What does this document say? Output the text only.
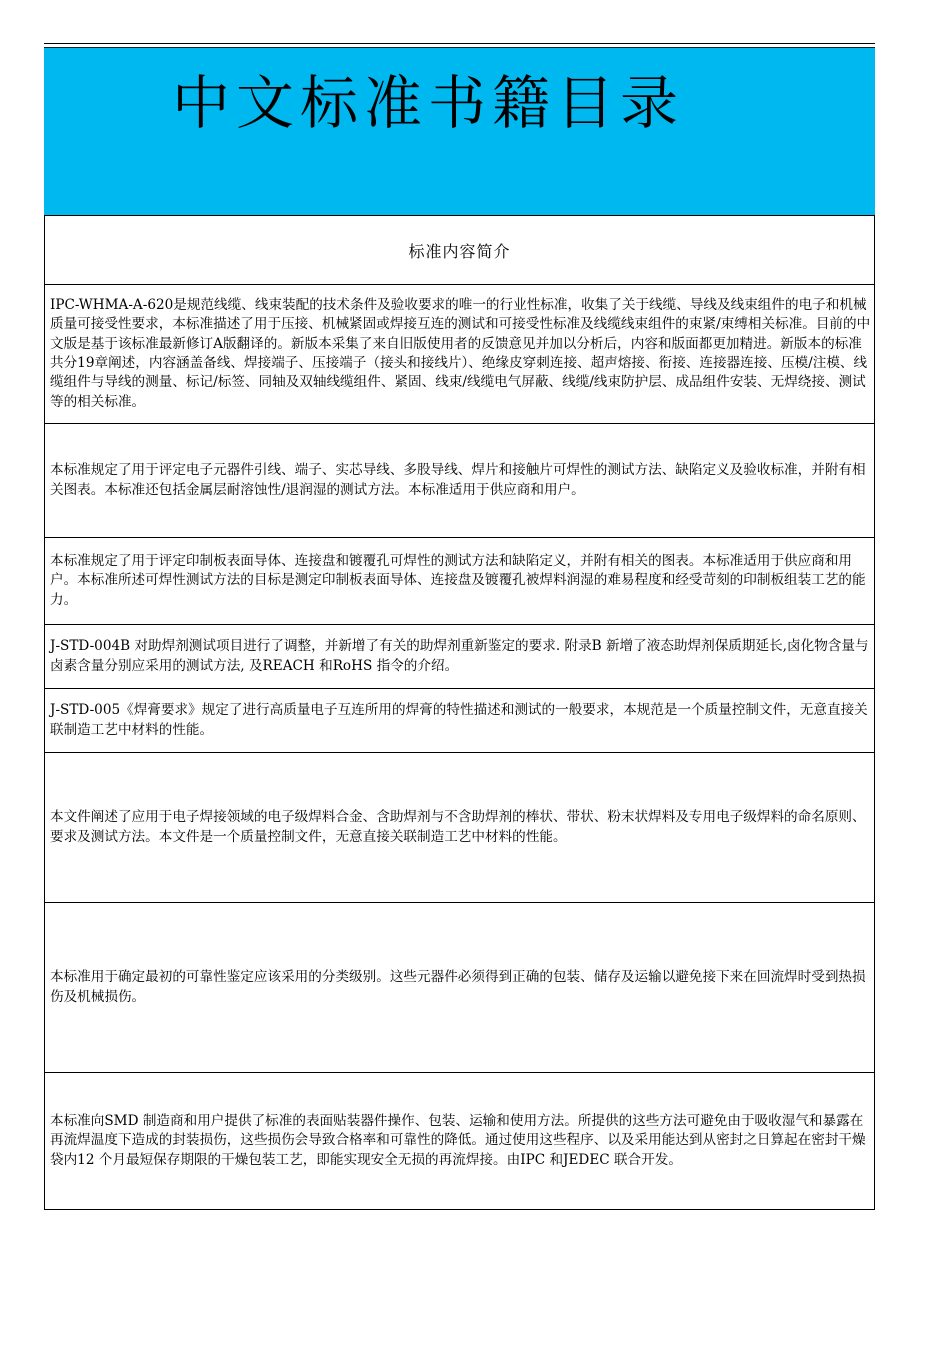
中文标准书籍目录
标准内容简介
IPC-WHMA-A-620是规范线缆、线束装配的技术条件及验收要求的唯一的行业性标准，收集了关于线缆、导线及线束组件的电子和机械质量可接受性要求，本标准描述了用于压接、机械紧固或焊接互连的测试和可接受性标准及线缆线束组件的束紧/束缚相关标准。目前的中文版是基于该标准最新修订A版翻译的。新版本采集了来自旧版使用者的反馈意见并加以分析后，内容和版面都更加精进。新版本的标准共分19章阐述，内容涵盖备线、焊接端子、压接端子（接头和接线片）、绝缘皮穿刺连接、超声熔接、衔接、连接器连接、压模/注模、线缆组件与导线的测量、标记/标签、同轴及双轴线缆组件、紧固、线束/线缆电气屏蔽、线缆/线束防护层、成品组件安装、无焊绕接、测试等的相关标准。
本标准规定了用于评定电子元器件引线、端子、实芯导线、多股导线、焊片和接触片可焊性的测试方法、缺陷定义及验收标准，并附有相关图表。本标准还包括金属层耐溶蚀性/退润湿的测试方法。本标准适用于供应商和用户。
本标准规定了用于评定印制板表面导体、连接盘和镀覆孔可焊性的测试方法和缺陷定义，并附有相关的图表。本标准适用于供应商和用户。本标准所述可焊性测试方法的目标是测定印制板表面导体、连接盘及镀覆孔被焊料润湿的难易程度和经受苛刻的印制板组装工艺的能力。
J-STD-004B 对助焊剂测试项目进行了调整，并新增了有关的助焊剂重新鉴定的要求. 附录B 新增了液态助焊剂保质期延长,卤化物含量与卤素含量分别应采用的测试方法, 及REACH 和RoHS 指令的介绍。
J-STD-005《焊膏要求》规定了进行高质量电子互连所用的焊膏的特性描述和测试的一般要求，本规范是一个质量控制文件，无意直接关联制造工艺中材料的性能。
本文件阐述了应用于电子焊接领域的电子级焊料合金、含助焊剂与不含助焊剂的棒状、带状、粉末状焊料及专用电子级焊料的命名原则、要求及测试方法。本文件是一个质量控制文件，无意直接关联制造工艺中材料的性能。
本标准用于确定最初的可靠性鉴定应该采用的分类级别。这些元器件必须得到正确的包装、储存及运输以避免接下来在回流焊时受到热损伤及机械损伤。
本标准向SMD 制造商和用户提供了标准的表面贴装器件操作、包装、运输和使用方法。所提供的这些方法可避免由于吸收湿气和暴露在再流焊温度下造成的封装损伤，这些损伤会导致合格率和可靠性的降低。通过使用这些程序、以及采用能达到从密封之日算起在密封干燥袋内12 个月最短保存期限的干燥包装工艺，即能实现安全无损的再流焊接。由IPC 和JEDEC 联合开发。
